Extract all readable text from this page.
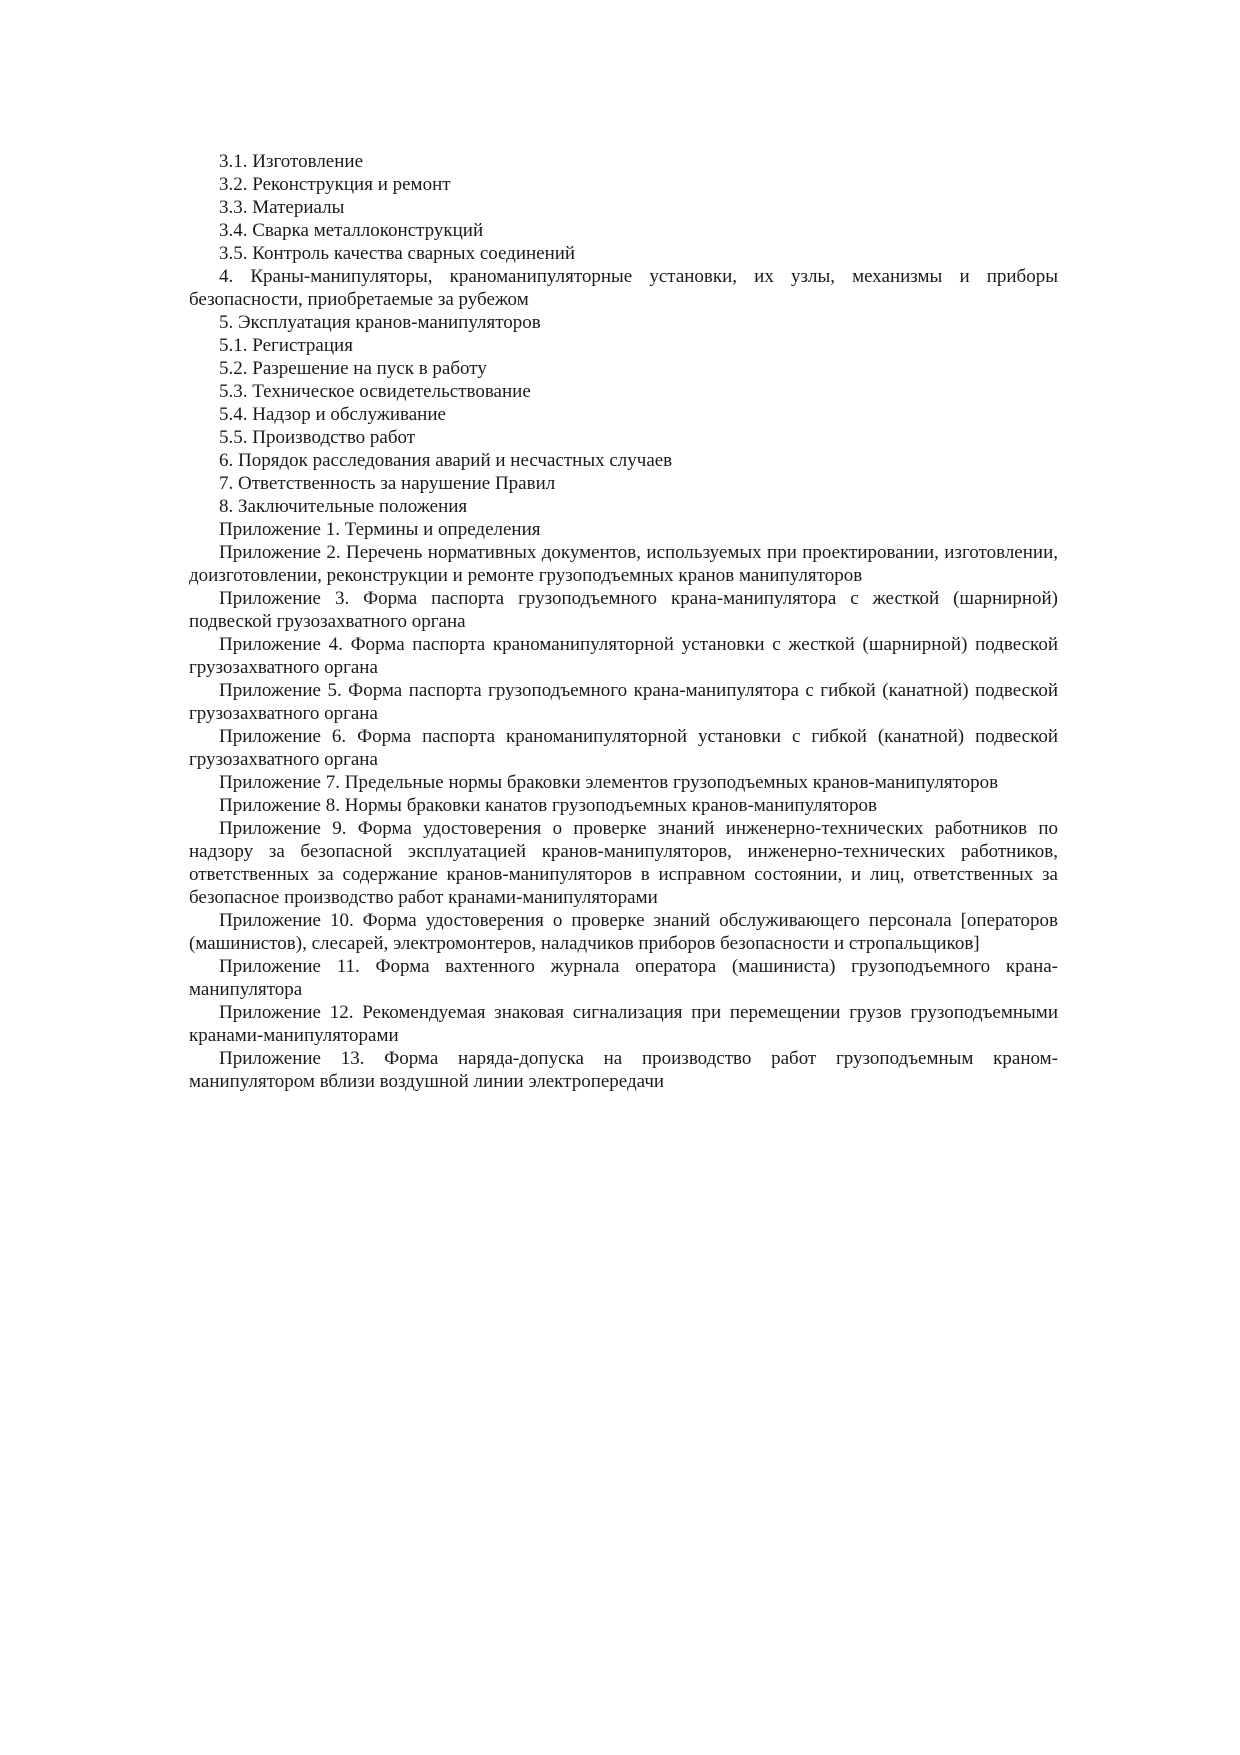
3.1. Изготовление

3.2. Реконструкция и ремонт

3.3. Материалы

3.4. Сварка металлоконструкций

3.5. Контроль качества сварных соединений

4. Краны-манипуляторы, краноманипуляторные установки, их узлы, механизмы и приборы безопасности, приобретаемые за рубежом

5. Эксплуатация кранов-манипуляторов

5.1. Регистрация

5.2. Разрешение на пуск в работу

5.3. Техническое освидетельствование

5.4. Надзор и обслуживание

5.5. Производство работ

6. Порядок расследования аварий и несчастных случаев

7. Ответственность за нарушение Правил

8. Заключительные положения

Приложение 1. Термины и определения

Приложение 2. Перечень нормативных документов, используемых при проектировании, изготовлении, доизготовлении, реконструкции и ремонте грузоподъемных кранов манипуляторов

Приложение 3. Форма паспорта грузоподъемного крана-манипулятора с жесткой (шарнирной) подвеской грузозахватного органа

Приложение 4. Форма паспорта краноманипуляторной установки с жесткой (шарнирной) подвеской грузозахватного органа

Приложение 5. Форма паспорта грузоподъемного крана-манипулятора с гибкой (канатной) подвеской грузозахватного органа

Приложение 6. Форма паспорта краноманипуляторной установки с гибкой (канатной) подвеской грузозахватного органа

Приложение 7. Предельные нормы браковки элементов грузоподъемных кранов-манипуляторов

Приложение 8. Нормы браковки канатов грузоподъемных кранов-манипуляторов

Приложение 9. Форма удостоверения о проверке знаний инженерно-технических работников по надзору за безопасной эксплуатацией кранов-манипуляторов, инженерно-технических работников, ответственных за содержание кранов-манипуляторов в исправном состоянии, и лиц, ответственных за безопасное производство работ кранами-манипуляторами

Приложение 10. Форма удостоверения о проверке знаний обслуживающего персонала [операторов (машинистов), слесарей, электромонтеров, наладчиков приборов безопасности и стропальщиков]

Приложение 11. Форма вахтенного журнала оператора (машиниста) грузоподъемного крана-манипулятора

Приложение 12. Рекомендуемая знаковая сигнализация при перемещении грузов грузоподъемными кранами-манипуляторами

Приложение 13. Форма наряда-допуска на производство работ грузоподъемным краном-манипулятором вблизи воздушной линии электропередачи
